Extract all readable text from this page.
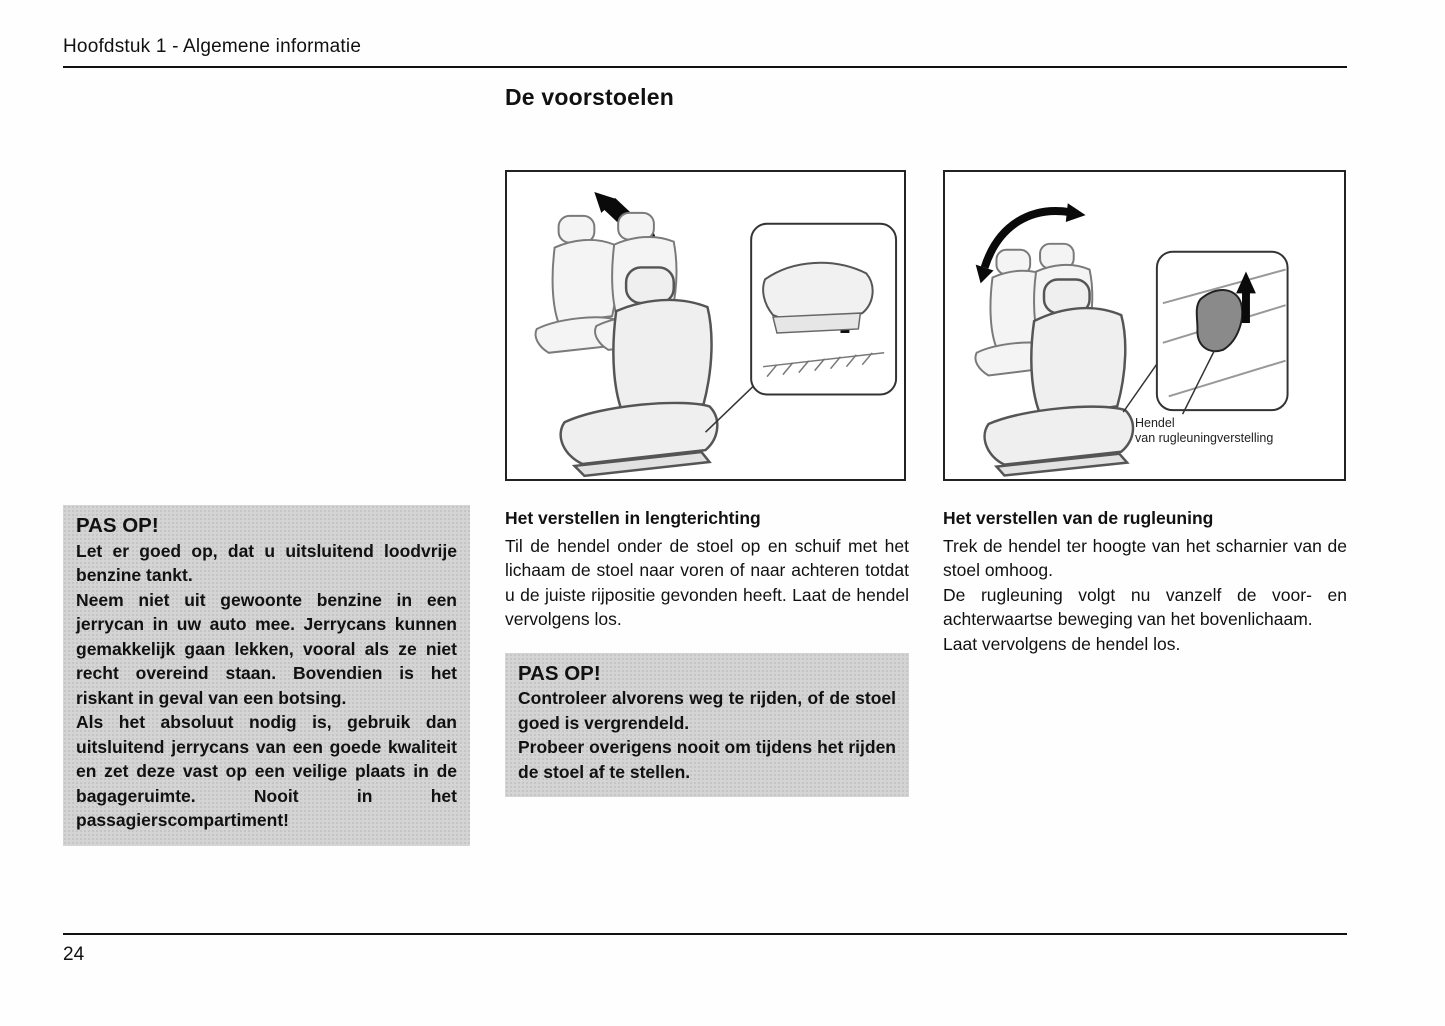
Hoofdstuk 1 - Algemene informatie
De voorstoelen
Hendel
van rugleuningverstelling
PAS OP!

Let er goed op, dat u uitsluitend loodvrije benzine tankt.

Neem niet uit gewoonte benzine in een jerrycan in uw auto mee. Jerrycans kunnen gemakkelijk gaan lekken, vooral als ze niet recht overeind staan. Bovendien is het riskant in geval van een botsing.

Als het absoluut nodig is, gebruik dan uitsluitend jerrycans van een goede kwaliteit en zet deze vast op een veilige plaats in de bagageruimte. Nooit in het passagierscompartiment!

Het verstellen in lengterichting

Til de hendel onder de stoel op en schuif met het lichaam de stoel naar voren of naar achteren totdat u de juiste rijpositie gevonden heeft. Laat de hendel vervolgens los.

PAS OP!

Controleer alvorens weg te rijden, of de stoel goed is vergrendeld.

Probeer overigens nooit om tijdens het rijden de stoel af te stellen.

Het verstellen van de rugleuning

Trek de hendel ter hoogte van het scharnier van de stoel omhoog.

De rugleuning volgt nu vanzelf de voor- en achterwaartse beweging van het bovenlichaam.

Laat vervolgens de hendel los.

24
